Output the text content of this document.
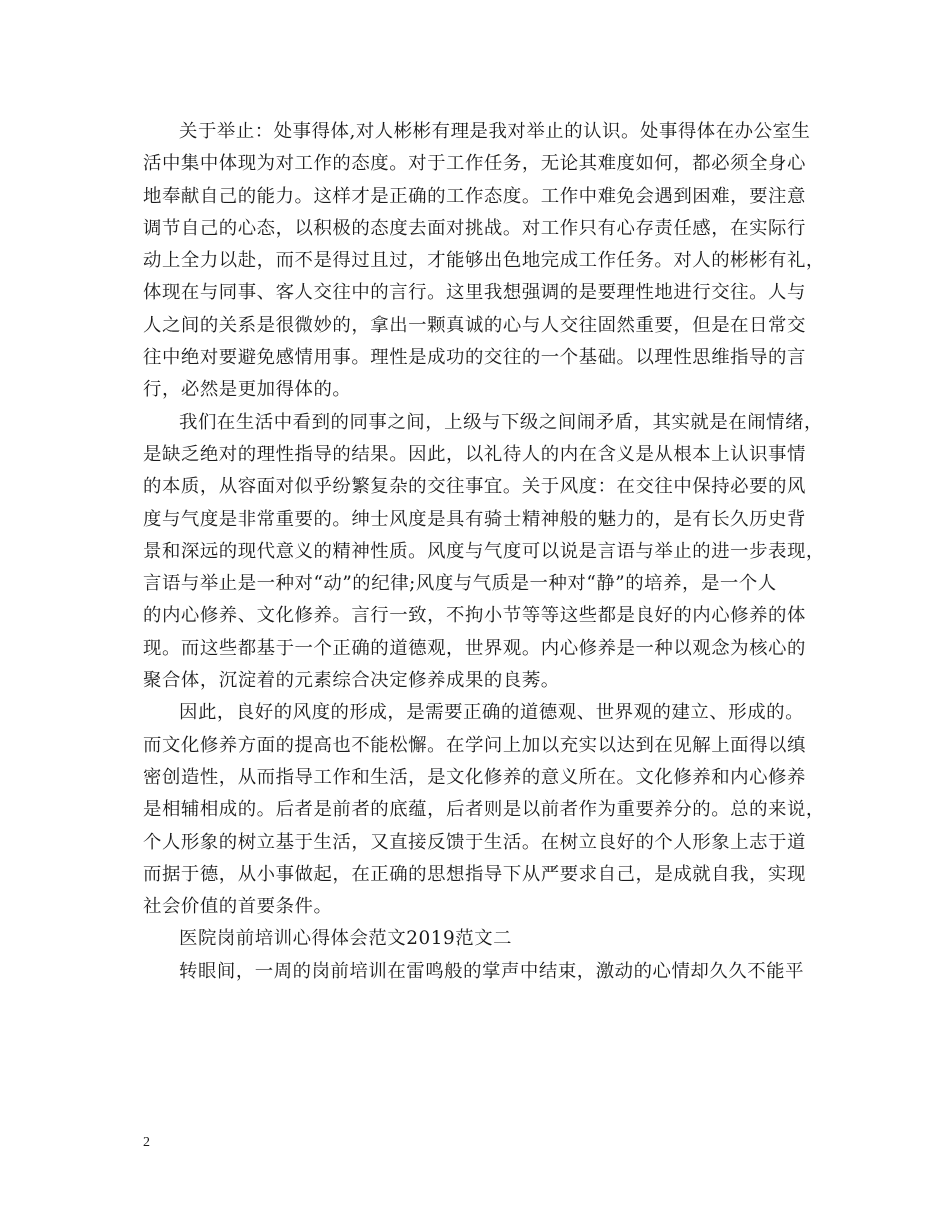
关于举止：处事得体,对人彬彬有理是我对举止的认识。处事得体在办公室生

活中集中体现为对工作的态度。对于工作任务，无论其难度如何，都必须全身心

地奉献自己的能力。这样才是正确的工作态度。工作中难免会遇到困难，要注意

调节自己的心态，以积极的态度去面对挑战。对工作只有心存责任感，在实际行

动上全力以赴，而不是得过且过，才能够出色地完成工作任务。对人的彬彬有礼，

体现在与同事、客人交往中的言行。这里我想强调的是要理性地进行交往。人与

人之间的关系是很微妙的，拿出一颗真诚的心与人交往固然重要，但是在日常交

往中绝对要避免感情用事。理性是成功的交往的一个基础。以理性思维指导的言

行，必然是更加得体的。

我们在生活中看到的同事之间，上级与下级之间闹矛盾，其实就是在闹情绪，

是缺乏绝对的理性指导的结果。因此，以礼待人的内在含义是从根本上认识事情

的本质，从容面对似乎纷繁复杂的交往事宜。关于风度：在交往中保持必要的风

度与气度是非常重要的。绅士风度是具有骑士精神般的魅力的，是有长久历史背

景和深远的现代意义的精神性质。风度与气度可以说是言语与举止的进一步表现，

言语与举止是一种对“动”的纪律;风度与气质是一种对“静”的培养，是一个人

的内心修养、文化修养。言行一致，不拘小节等等这些都是良好的内心修养的体

现。而这些都基于一个正确的道德观，世界观。内心修养是一种以观念为核心的

聚合体，沉淀着的元素综合决定修养成果的良莠。

因此，良好的风度的形成，是需要正确的道德观、世界观的建立、形成的。

而文化修养方面的提高也不能松懈。在学问上加以充实以达到在见解上面得以缜

密创造性，从而指导工作和生活，是文化修养的意义所在。文化修养和内心修养

是相辅相成的。后者是前者的底蕴，后者则是以前者作为重要养分的。总的来说，

个人形象的树立基于生活，又直接反馈于生活。在树立良好的个人形象上志于道

而据于德，从小事做起，在正确的思想指导下从严要求自己，是成就自我，实现

社会价值的首要条件。

医院岗前培训心得体会范文2019范文二

转眼间，一周的岗前培训在雷鸣般的掌声中结束，激动的心情却久久不能平

2
